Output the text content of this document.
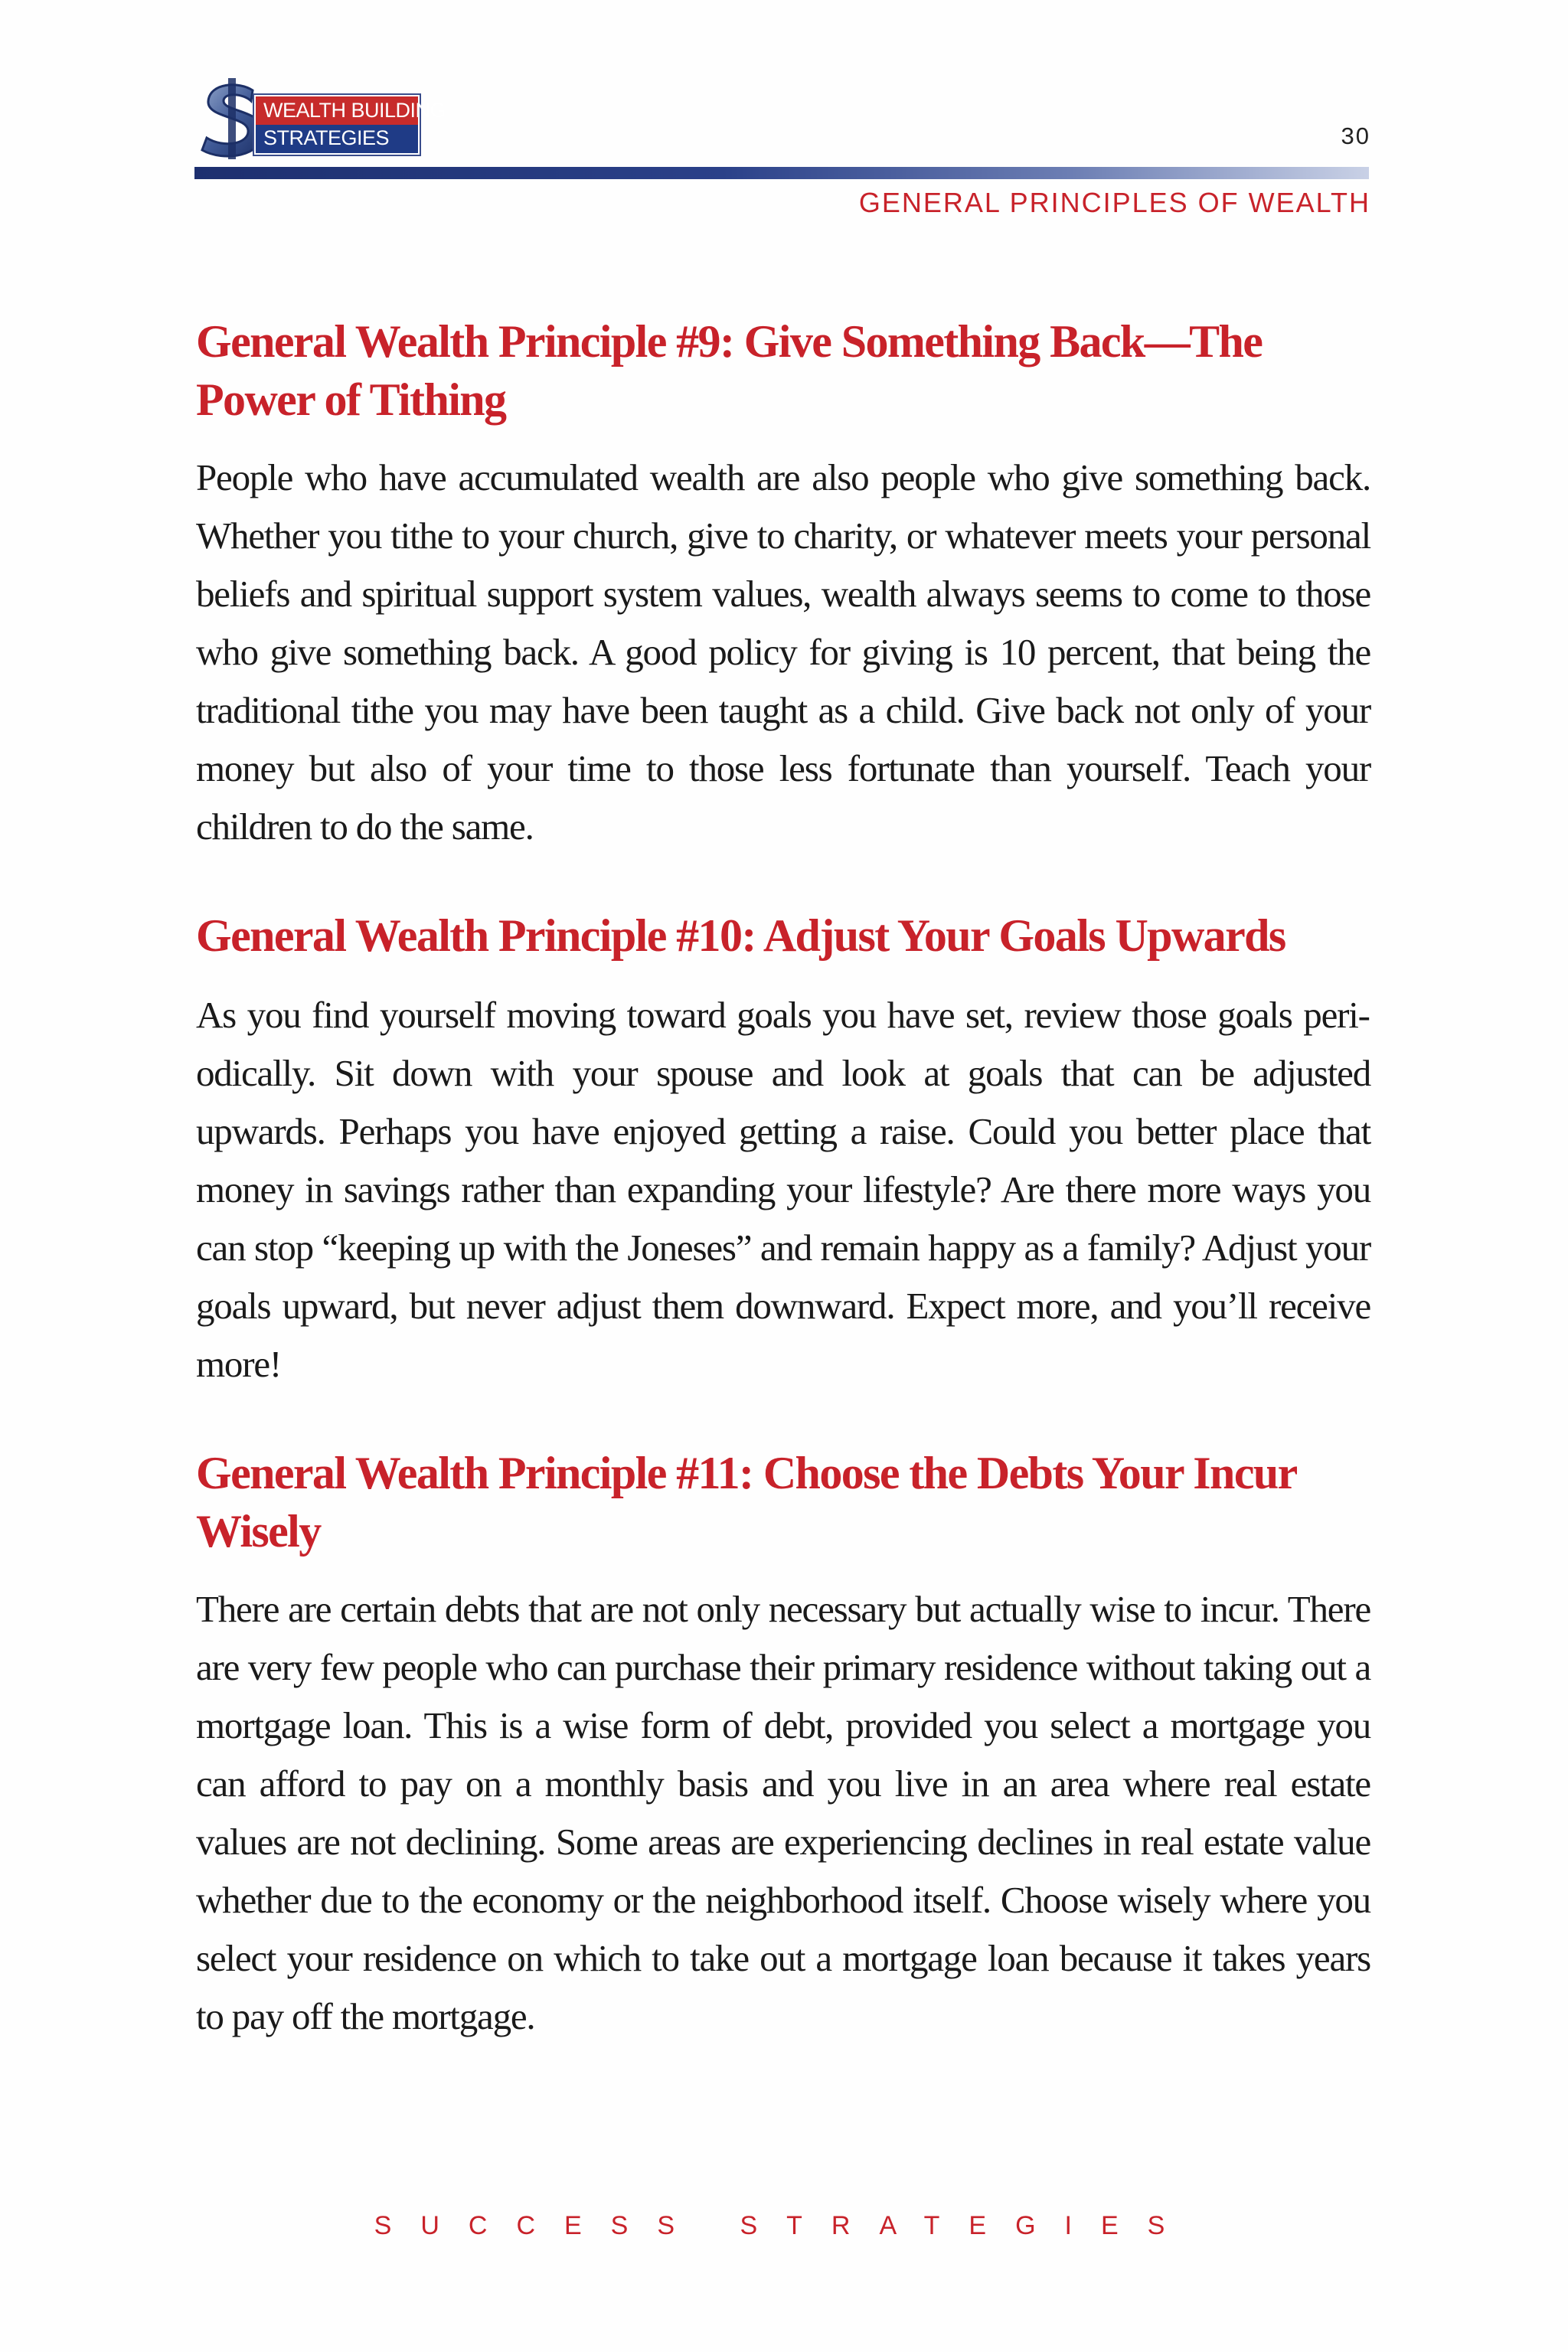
WEALTH BUILDING
STRATEGIES	30
GENERAL PRINCIPLES OF WEALTH
General Wealth Principle #9: Give Something Back—The Power of Tithing

People who have accumulated wealth are also people who give something back. Whether you tithe to your church, give to charity, or whatever meets your personal beliefs and spiritual support system values, wealth always seems to come to those who give something back. A good policy for giving is 10 percent, that being the traditional tithe you may have been taught as a child. Give back not only of your money but also of your time to those less fortunate than yourself. Teach your children to do the same.

General Wealth Principle #10: Adjust Your Goals Upwards

As you find yourself moving toward goals you have set, review those goals periodically. Sit down with your spouse and look at goals that can be adjusted upwards. Perhaps you have enjoyed getting a raise. Could you better place that money in savings rather than expanding your lifestyle? Are there more ways you can stop “keeping up with the Joneses” and remain happy as a family? Adjust your goals upward, but never adjust them downward. Expect more, and you’ll receive more!

General Wealth Principle #11: Choose the Debts Your Incur Wisely

There are certain debts that are not only necessary but actually wise to incur. There are very few people who can purchase their primary residence without taking out a mortgage loan. This is a wise form of debt, provided you select a mortgage you can afford to pay on a monthly basis and you live in an area where real estate values are not declining. Some areas are experiencing declines in real estate value whether due to the economy or the neighborhood itself. Choose wisely where you select your residence on which to take out a mortgage loan because it takes years to pay off the mortgage.

SUCCESS STRATEGIES
